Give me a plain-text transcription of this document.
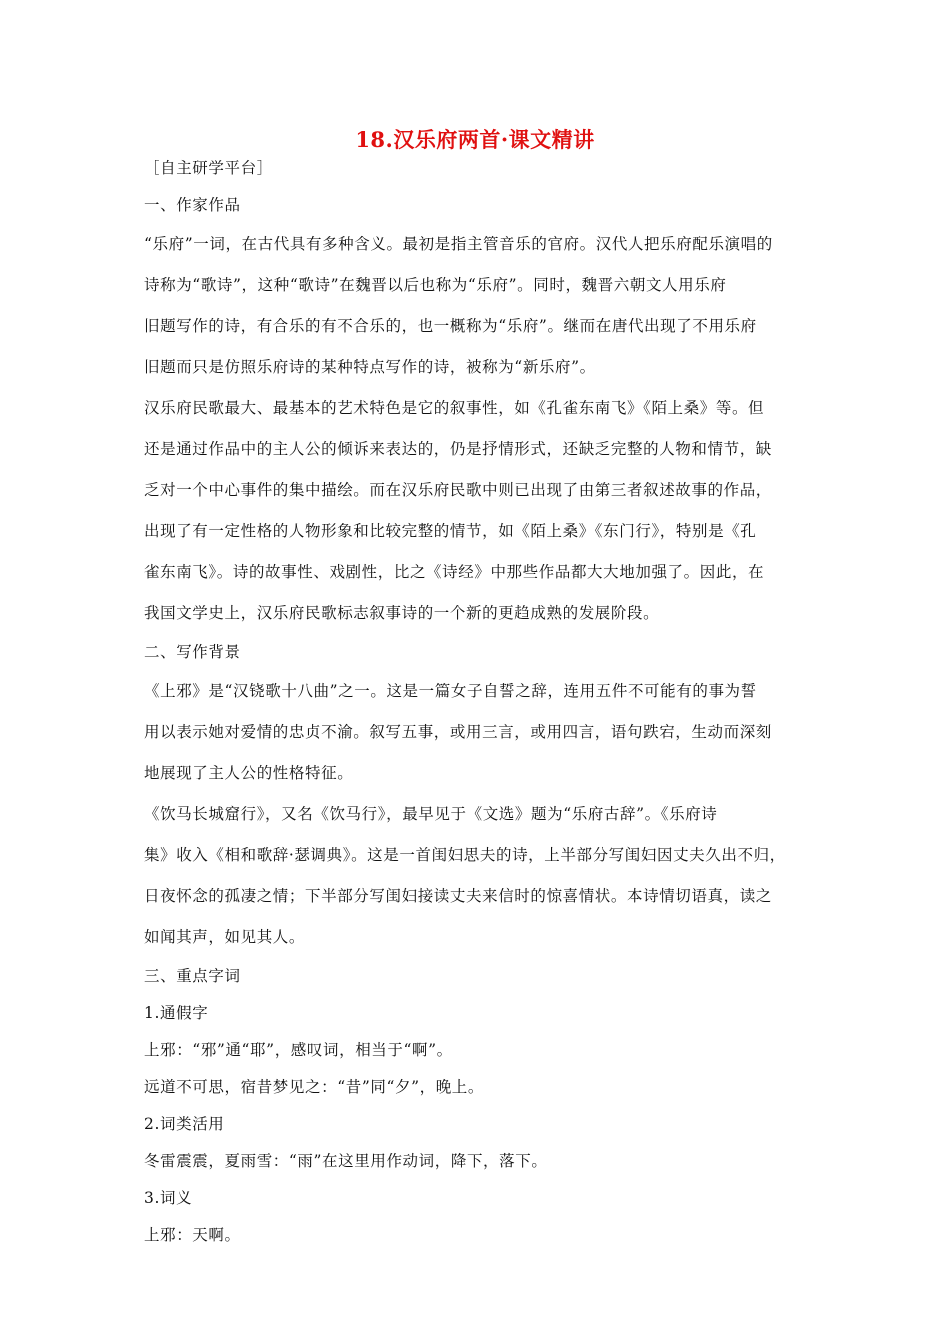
18.汉乐府两首·课文精讲
［自主研学平台］
一、作家作品
“乐府”一词，在古代具有多种含义。最初是指主管音乐的官府。汉代人把乐府配乐演唱的
诗称为“歌诗”，这种“歌诗”在魏晋以后也称为“乐府”。同时，魏晋六朝文人用乐府
旧题写作的诗，有合乐的有不合乐的，也一概称为“乐府”。继而在唐代出现了不用乐府
旧题而只是仿照乐府诗的某种特点写作的诗，被称为“新乐府”。
汉乐府民歌最大、最基本的艺术特色是它的叙事性，如《孔雀东南飞》《陌上桑》等。但
还是通过作品中的主人公的倾诉来表达的，仍是抒情形式，还缺乏完整的人物和情节，缺
乏对一个中心事件的集中描绘。而在汉乐府民歌中则已出现了由第三者叙述故事的作品，
出现了有一定性格的人物形象和比较完整的情节，如《陌上桑》《东门行》，特别是《孔
雀东南飞》。诗的故事性、戏剧性，比之《诗经》中那些作品都大大地加强了。因此，在
我国文学史上，汉乐府民歌标志叙事诗的一个新的更趋成熟的发展阶段。
二、写作背景
《上邪》是“汉铙歌十八曲”之一。这是一篇女子自誓之辞，连用五件不可能有的事为誓
用以表示她对爱情的忠贞不渝。叙写五事，或用三言，或用四言，语句跌宕，生动而深刻
地展现了主人公的性格特征。
《饮马长城窟行》，又名《饮马行》，最早见于《文选》题为“乐府古辞”。《乐府诗
集》收入《相和歌辞·瑟调典》。这是一首闺妇思夫的诗，上半部分写闺妇因丈夫久出不归，
日夜怀念的孤凄之情；下半部分写闺妇接读丈夫来信时的惊喜情状。本诗情切语真，读之
如闻其声，如见其人。
三、重点字词
1.通假字
上邪：“邪”通“耶”，感叹词，相当于“啊”。
远道不可思，宿昔梦见之：“昔”同“夕”，晚上。
2.词类活用
冬雷震震，夏雨雪：“雨”在这里用作动词，降下，落下。
3.词义
上邪：天啊。
